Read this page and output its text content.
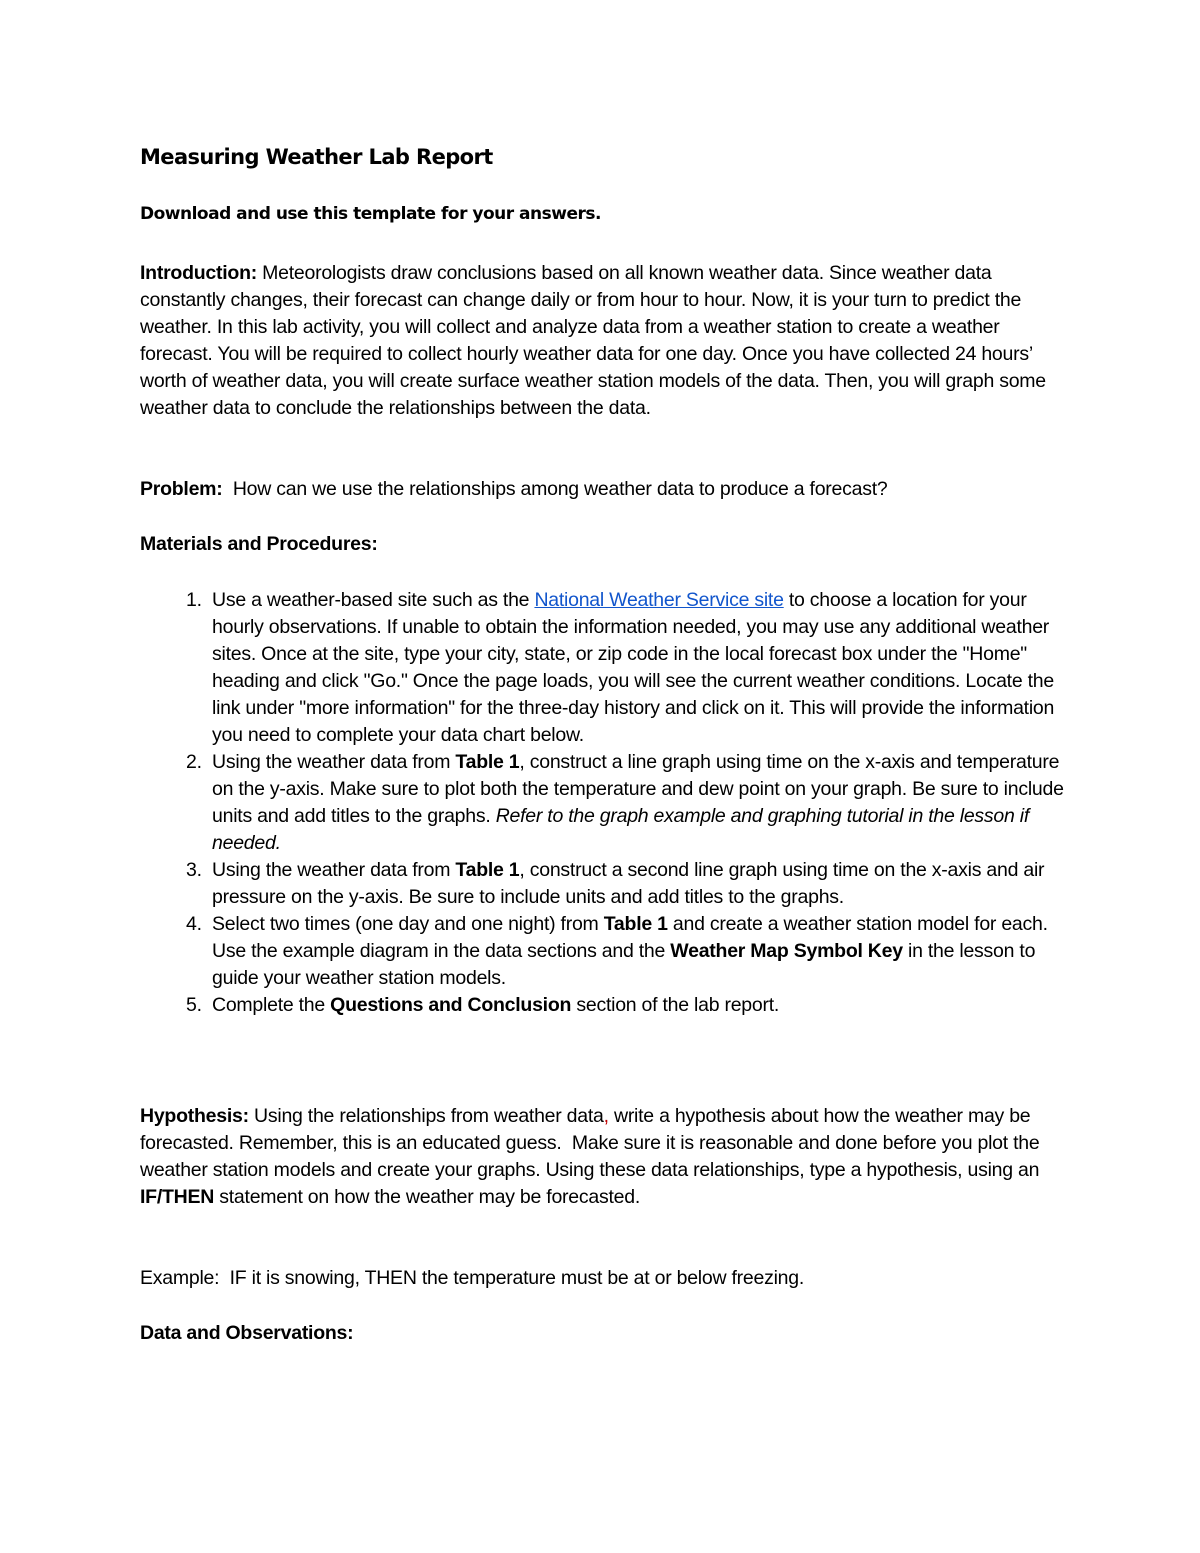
Measuring Weather Lab Report
Download and use this template for your answers.

Introduction: Meteorologists draw conclusions based on all known weather data. Since weather data constantly changes, their forecast can change daily or from hour to hour. Now, it is your turn to predict the weather. In this lab activity, you will collect and analyze data from a weather station to create a weather forecast. You will be required to collect hourly weather data for one day. Once you have collected 24 hours’ worth of weather data, you will create surface weather station models of the data. Then, you will graph some weather data to conclude the relationships between the data.

Problem:  How can we use the relationships among weather data to produce a forecast?

Materials and Procedures:
1. Use a weather-based site such as the National Weather Service site to choose a location for your hourly observations. If unable to obtain the information needed, you may use any additional weather sites. Once at the site, type your city, state, or zip code in the local forecast box under the "Home" heading and click "Go." Once the page loads, you will see the current weather conditions. Locate the link under "more information" for the three-day history and click on it. This will provide the information you need to complete your data chart below.
2. Using the weather data from Table 1, construct a line graph using time on the x-axis and temperature on the y-axis. Make sure to plot both the temperature and dew point on your graph. Be sure to include units and add titles to the graphs. Refer to the graph example and graphing tutorial in the lesson if needed.
3. Using the weather data from Table 1, construct a second line graph using time on the x-axis and air pressure on the y-axis. Be sure to include units and add titles to the graphs.
4. Select two times (one day and one night) from Table 1 and create a weather station model for each. Use the example diagram in the data sections and the Weather Map Symbol Key in the lesson to guide your weather station models.
5. Complete the Questions and Conclusion section of the lab report.

Hypothesis: Using the relationships from weather data, write a hypothesis about how the weather may be forecasted. Remember, this is an educated guess.  Make sure it is reasonable and done before you plot the weather station models and create your graphs. Using these data relationships, type a hypothesis, using an IF/THEN statement on how the weather may be forecasted.

Example:  IF it is snowing, THEN the temperature must be at or below freezing.

Data and Observations:
